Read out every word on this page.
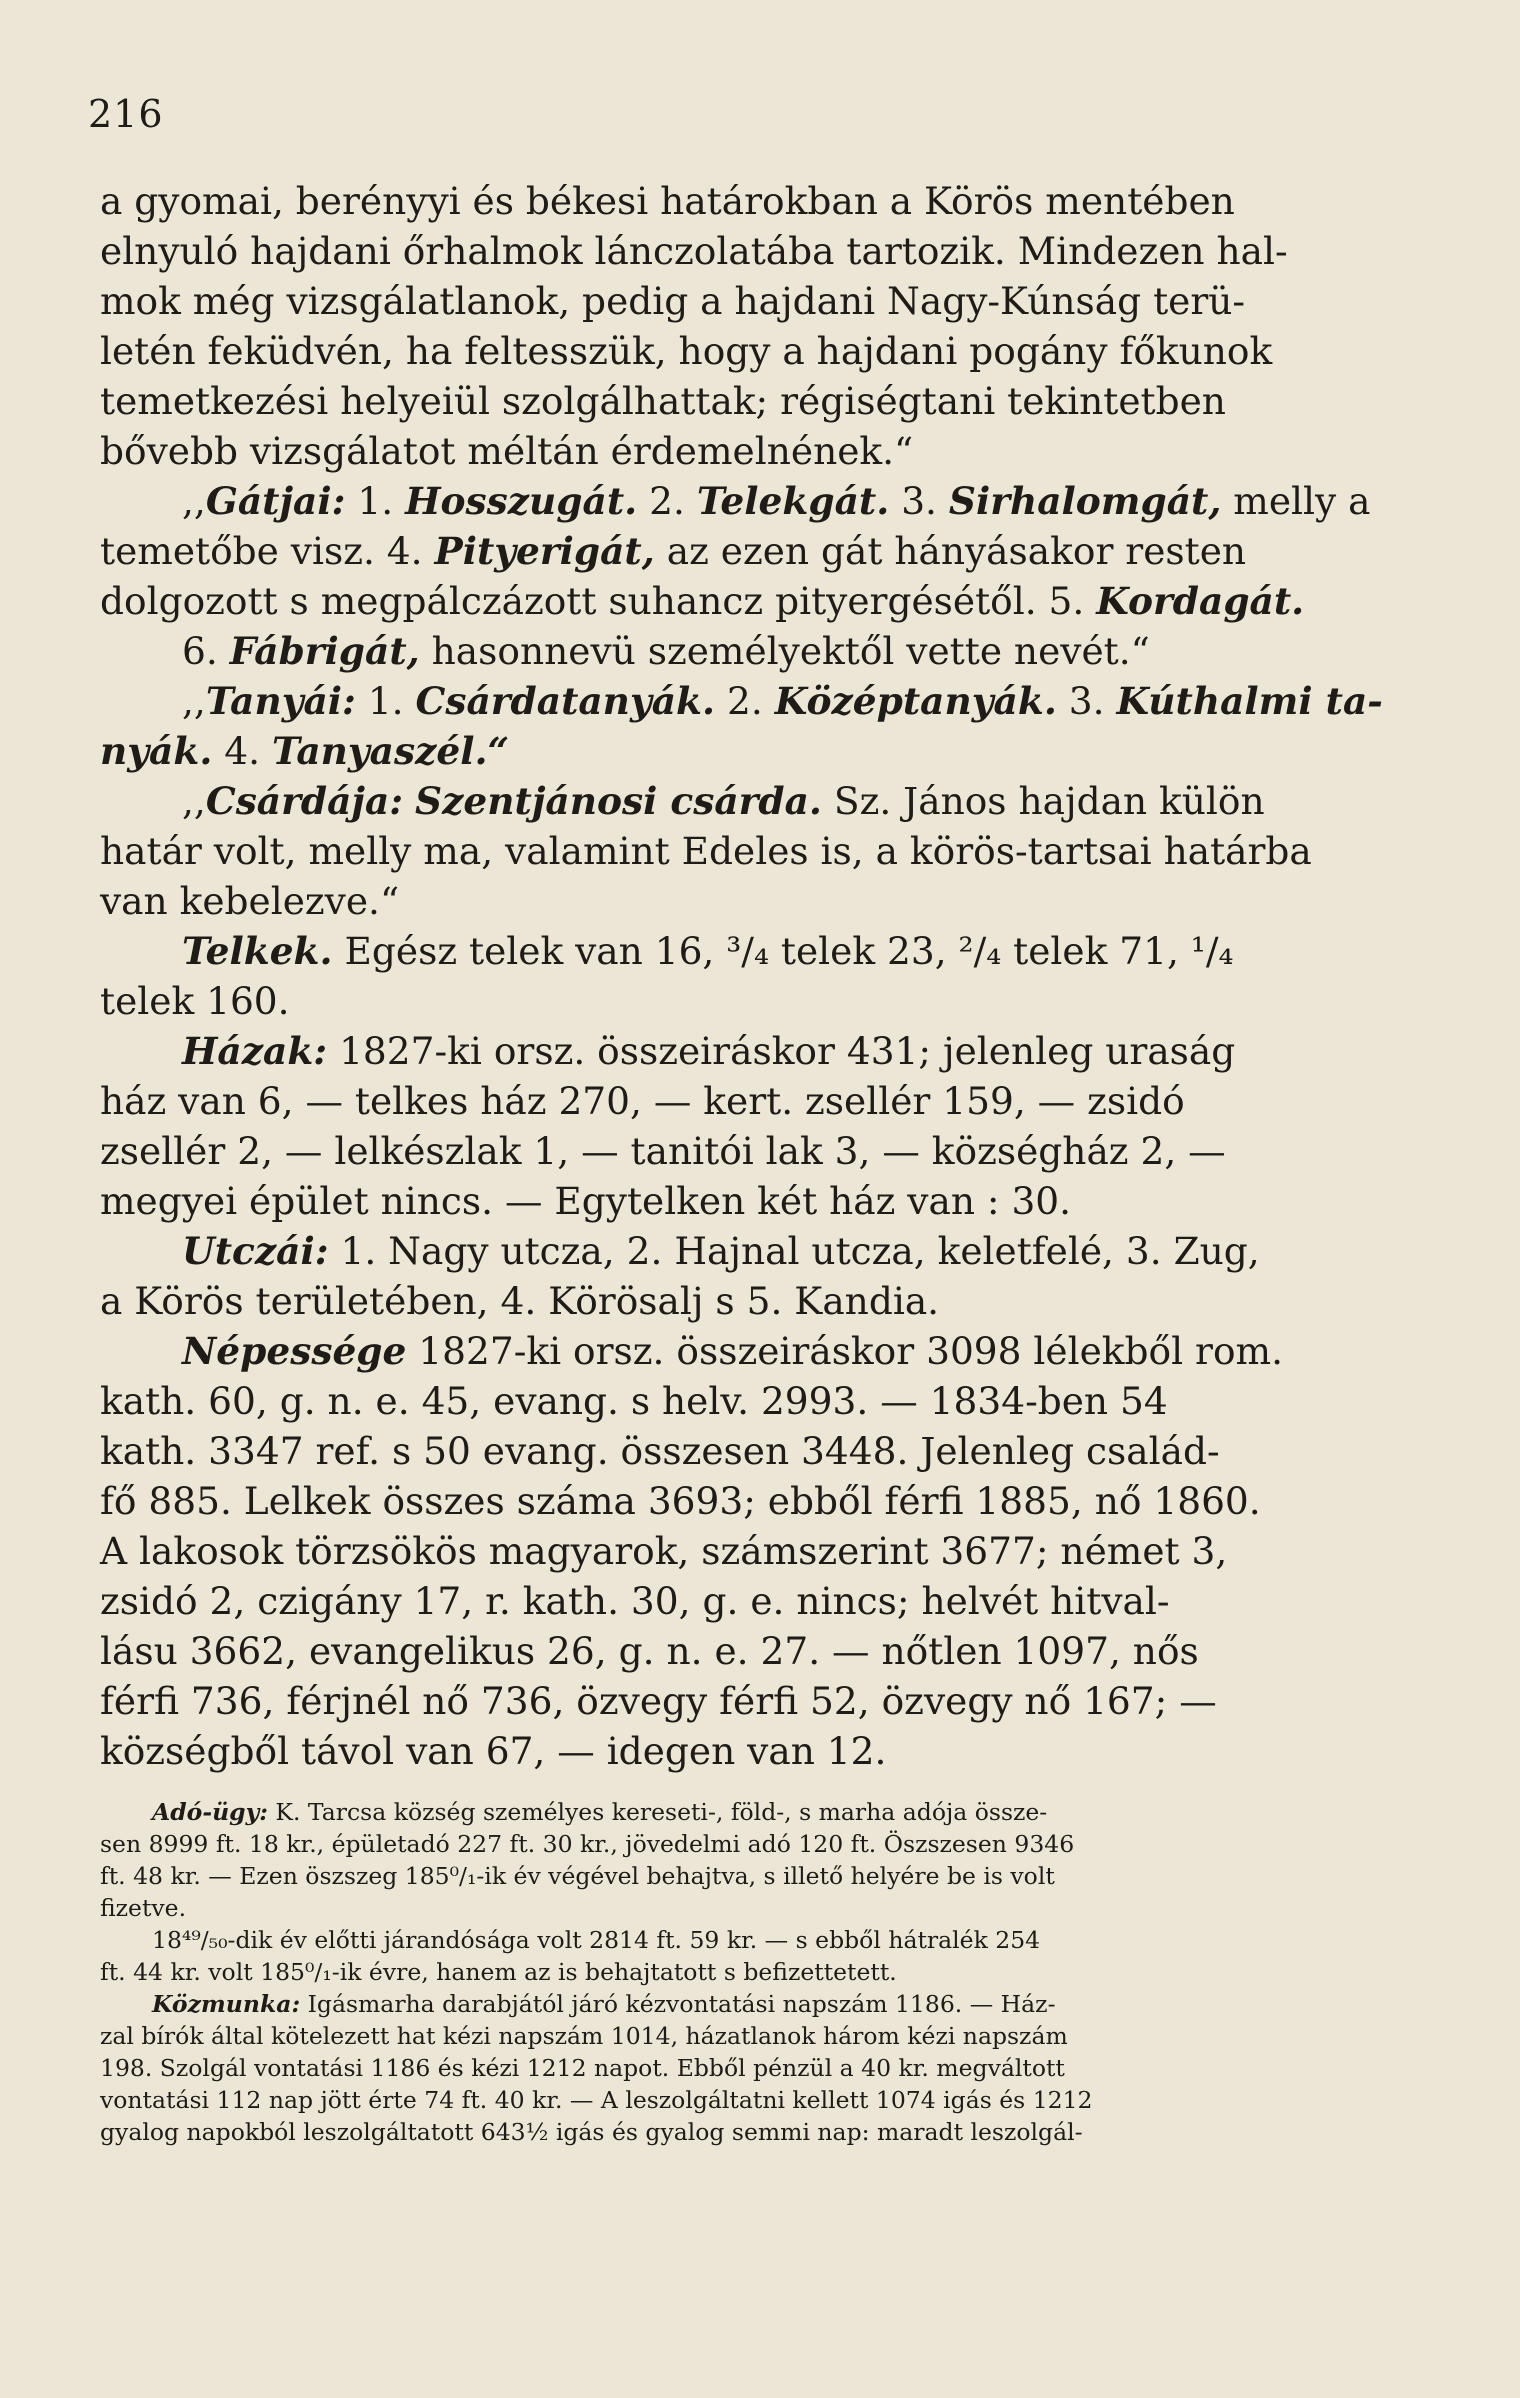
216
a gyomai, berényyi és békesi határokban a Körös mentében
elnyuló hajdani őrhalmok lánczolatába tartozik. Mindezen hal-
mok még vizsgálatlanok, pedig a hajdani Nagy-Kúnság terü-
letén feküdvén, ha feltesszük, hogy a hajdani pogány főkunok
temetkezési helyeiül szolgálhattak; régiségtani tekintetben
bővebb vizsgálatot méltán érdemelnének.“
,,Gátjai: 1. Hosszugát. 2. Telekgát. 3. Sirhalomgát, melly a
temetőbe visz. 4. Pityerigát, az ezen gát hányásakor resten
dolgozott s megpálczázott suhancz pityergésétől. 5. Kordagát.
6. Fábrigát, hasonnevü személyektől vette nevét.“
,,Tanyái: 1. Csárdatanyák. 2. Középtanyák. 3. Kúthalmi ta-
nyák. 4. Tanyaszél.“
,,Csárdája: Szentjánosi csárda. Sz. János hajdan külön
határ volt, melly ma, valamint Edeles is, a körös-tartsai határba
van kebelezve.“
Telkek. Egész telek van 16, ³/₄ telek 23, ²/₄ telek 71, ¹/₄
telek 160.
Házak: 1827-ki orsz. összeiráskor 431; jelenleg uraság
ház van 6, — telkes ház 270, — kert. zsellér 159, — zsidó
zsellér 2, — lelkészlak 1, — tanitói lak 3, — községház 2, —
megyei épület nincs. — Egytelken két ház van : 30.
Utczái: 1. Nagy utcza, 2. Hajnal utcza, keletfelé, 3. Zug,
a Körös területében, 4. Körösalj s 5. Kandia.
Népessége 1827-ki orsz. összeiráskor 3098 lélekből rom.
kath. 60, g. n. e. 45, evang. s helv. 2993. — 1834-ben 54
kath. 3347 ref. s 50 evang. összesen 3448. Jelenleg család-
fő 885. Lelkek összes száma 3693; ebből férfi 1885, nő 1860.
A lakosok törzsökös magyarok, számszerint 3677; német 3,
zsidó 2, czigány 17, r. kath. 30, g. e. nincs; helvét hitval-
lásu 3662, evangelikus 26, g. n. e. 27. — nőtlen 1097, nős
férfi 736, férjnél nő 736, özvegy férfi 52, özvegy nő 167; —
községből távol van 67, — idegen van 12.
Adó-ügy: K. Tarcsa község személyes kereseti-, föld-, s marha adója össze-
sen 8999 ft. 18 kr., épületadó 227 ft. 30 kr., jövedelmi adó 120 ft. Öszszesen 9346
ft. 48 kr. — Ezen öszszeg 185⁰/₁-ik év végével behajtva, s illető helyére be is volt
fizetve.
18⁴⁹/₅₀-dik év előtti járandósága volt 2814 ft. 59 kr. — s ebből hátralék 254
ft. 44 kr. volt 185⁰/₁-ik évre, hanem az is behajtatott s befizettetett.
Közmunka: Igásmarha darabjától járó kézvontatási napszám 1186. — Ház-
zal bírók által kötelezett hat kézi napszám 1014, házatlanok három kézi napszám
198. Szolgál vontatási 1186 és kézi 1212 napot. Ebből pénzül a 40 kr. megváltott
vontatási 112 nap jött érte 74 ft. 40 kr. — A leszolgáltatni kellett 1074 igás és 1212
gyalog napokból leszolgáltatott 643½ igás és gyalog semmi nap: maradt leszolgál-
